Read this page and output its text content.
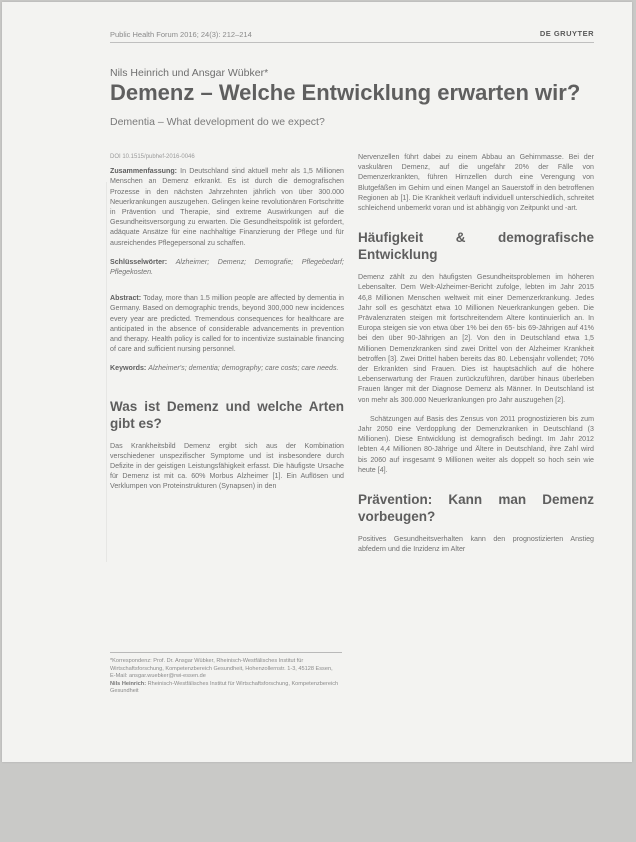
Public Health Forum 2016; 24(3): 212–214	DE GRUYTER
Nils Heinrich und Ansgar Wübker*
Demenz – Welche Entwicklung erwarten wir?
Dementia – What development do we expect?

DOI 10.1515/pubhef-2016-0046

Zusammenfassung: In Deutschland sind aktuell mehr als 1,5 Millionen Menschen an Demenz erkrankt. Es ist durch die demografischen Prozesse in den nächsten Jahrzehnten jährlich von über 300.000 Neuerkrankungen auszugehen. Gelingen keine revolutionären Fortschritte in Prävention und Therapie, sind extreme Auswirkungen auf die Gesundheitsversorgung zu erwarten. Die Gesundheitspolitik ist gefordert, adäquate Ansätze für eine nachhaltige Finanzierung der Pflege und für ausreichendes Pflegepersonal zu schaffen.

Schlüsselwörter: Alzheimer; Demenz; Demografie; Pflegebedarf; Pflegekosten.

Abstract: Today, more than 1.5 million people are affected by dementia in Germany. Based on demographic trends, beyond 300,000 new incidences every year are predicted. Tremendous consequences for healthcare are anticipated in the absence of considerable advancements in prevention and therapy. Health policy is called for to incentivize sustainable financing of care and sufficient nursing personnel.

Keywords: Alzheimer's; dementia; demography; care costs; care needs.

Was ist Demenz und welche Arten gibt es?

Das Krankheitsbild Demenz ergibt sich aus der Kombination verschiedener unspezifischer Symptome und ist insbesondere durch Defizite in der geistigen Leistungsfähigkeit erfasst. Die häufigste Ursache für Demenz ist mit ca. 60% Morbus Alzheimer [1]. Ein Auflösen und Verklumpen von Proteinstrukturen (Synapsen) in den

Nervenzellen führt dabei zu einem Abbau an Gehirnmasse. Bei der vaskulären Demenz, auf die ungefähr 20% der Fälle von Demenzerkrankten, führen Hirnzellen durch eine Verengung von Blutgefäßen im Gehirn und einen Mangel an Sauerstoff in den betroffenen Regionen ab [1]. Die Krankheit verläuft individuell unterschiedlich, schreitet schleichend unbemerkt voran und ist abhängig von Zeitpunkt und -art.

Häufigkeit & demografische Entwicklung

Demenz zählt zu den häufigsten Gesundheitsproblemen im höheren Lebensalter. Dem Welt-Alzheimer-Bericht zufolge, lebten im Jahr 2015 46,8 Millionen Menschen weltweit mit einer Demenzerkrankung. Jedes Jahr soll es geschätzt etwa 10 Millionen Neuerkrankungen geben. Die Prävalenzraten steigen mit fortschreitendem Altere kontinuierlich an. In Europa steigen sie von etwa über 1% bei den 65- bis 69-Jährigen auf 41% bei den über 90-Jährigen an [2]. Von den in Deutschland etwa 1,5 Millionen Demenzkranken sind zwei Drittel von der Alzheimer Krankheit betroffen [3]. Zwei Drittel haben bereits das 80. Lebensjahr vollendet; 70% der Erkrankten sind Frauen. Dies ist hauptsächlich auf die höhere Lebenserwartung der Frauen zurückzuführen, darüber hinaus überleben Frauen länger mit der Diagnose Demenz als Männer. In Deutschland ist von mehr als 300.000 Neuerkrankungen pro Jahr auszugehen [2].

Schätzungen auf Basis des Zensus von 2011 prognostizieren bis zum Jahr 2050 eine Verdopplung der Demenzkranken in Deutschland (3 Millionen). Diese Entwicklung ist demografisch bedingt. Im Jahr 2012 lebten 4,4 Millionen 80-Jährige und Ältere in Deutschland, ihre Zahl wird bis 2060 auf insgesamt 9 Millionen weiter als doppelt so hoch sein wie heute [4].

Prävention: Kann man Demenz vorbeugen?

Positives Gesundheitsverhalten kann den prognostizierten Anstieg abfedern und die Inzidenz im Alter

*Korrespondenz: Prof. Dr. Ansgar Wübker, Rheinisch-Westfälisches Institut für Wirtschaftsforschung, Kompetenzbereich Gesundheit, Hohenzollernstr. 1-3, 45128 Essen,
E-Mail: ansgar.wuebker@rwi-essen.de
Nils Heinrich: Rheinisch-Westfälisches Institut für Wirtschaftsforschung, Kompetenzbereich Gesundheit
